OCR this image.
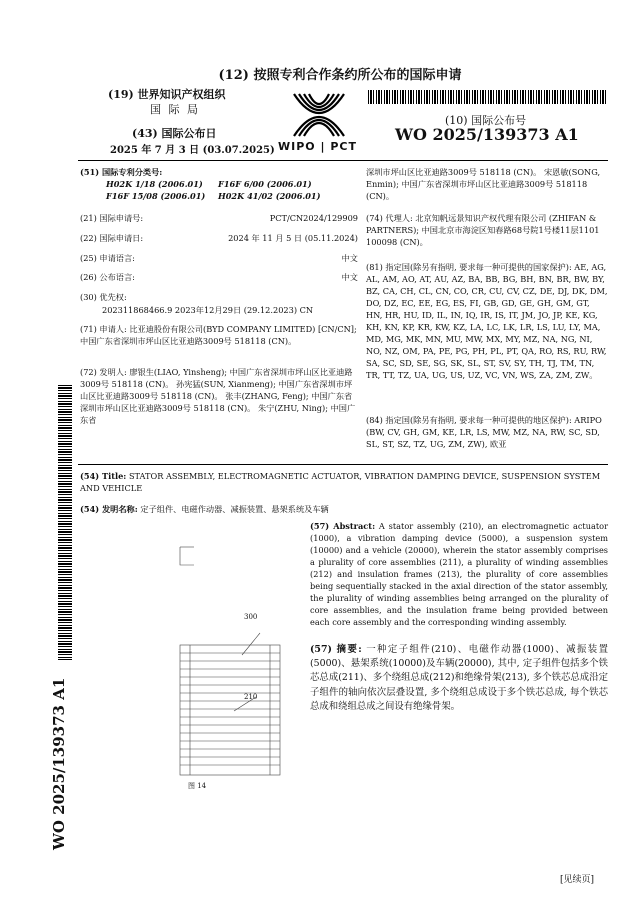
(12) 按照专利合作条约所公布的国际申请
(19) 世界知识产权组织
国 际 局
(43) 国际公布日
2025 年 7 月 3 日 (03.07.2025) WIPO | PCT
(10) 国际公布号
WO 2025/139373 A1
WO 2025/139373 A1
(51) 国际专利分类号:
H02K 1/18 (2006.01) F16F 6/00 (2006.01)
F16F 15/08 (2006.01) H02K 41/02 (2006.01)
(21) 国际申请号:	PCT/CN2024/129909
(22) 国际申请日:	2024 年 11 月 5 日 (05.11.2024)
(25) 申请语言:	中文
(26) 公布语言:	中文
(30) 优先权:
202311868466.9 2023年12月29日 (29.12.2023) CN
(71) 申请人: 比亚迪股份有限公司(BYD COMPANY LIMITED) [CN/CN]; 中国广东省深圳市坪山区比亚迪路3009号 518118 (CN)。
(72) 发明人: 廖银生(LIAO, Yinsheng); 中国广东省深圳市坪山区比亚迪路3009号 518118 (CN)。 孙宪猛(SUN, Xianmeng); 中国广东省深圳市坪山区比亚迪路3009号 518118 (CN)。 张丰(ZHANG, Feng); 中国广东省深圳市坪山区比亚迪路3009号 518118 (CN)。 朱宁(ZHU, Ning); 中国广东省
深圳市坪山区比亚迪路3009号 518118 (CN)。 宋恩敏(SONG, Enmin); 中国广东省深圳市坪山区比亚迪路3009号 518118 (CN)。
(74) 代理人: 北京知帆远景知识产权代理有限公司 (ZHIFAN & PARTNERS); 中国北京市海淀区知春路68号院1号楼11层1101 100098 (CN)。
(81) 指定国(除另有指明, 要求每一种可提供的国家保护): AE, AG, AL, AM, AO, AT, AU, AZ, BA, BB, BG, BH, BN, BR, BW, BY, BZ, CA, CH, CL, CN, CO, CR, CU, CV, CZ, DE, DJ, DK, DM, DO, DZ, EC, EE, EG, ES, FI, GB, GD, GE, GH, GM, GT, HN, HR, HU, ID, IL, IN, IQ, IR, IS, IT, JM, JO, JP, KE, KG, KH, KN, KP, KR, KW, KZ, LA, LC, LK, LR, LS, LU, LY, MA, MD, MG, MK, MN, MU, MW, MX, MY, MZ, NA, NG, NI, NO, NZ, OM, PA, PE, PG, PH, PL, PT, QA, RO, RS, RU, RW, SA, SC, SD, SE, SG, SK, SL, ST, SV, SY, TH, TJ, TM, TN, TR, TT, TZ, UA, UG, US, UZ, VC, VN, WS, ZA, ZM, ZW。
(84) 指定国(除另有指明, 要求每一种可提供的地区保护): ARIPO (BW, CV, GH, GM, KE, LR, LS, MW, MZ, NA, RW, SC, SD, SL, ST, SZ, TZ, UG, ZM, ZW), 欧亚
(54) Title: STATOR ASSEMBLY, ELECTROMAGNETIC ACTUATOR, VIBRATION DAMPING DEVICE, SUSPENSION SYSTEM AND VEHICLE
(54) 发明名称: 定子组件、电磁作动器、减振装置、悬架系统及车辆
300
210
图 14
(57) Abstract: A stator assembly (210), an electromagnetic actuator (1000), a vibration damping device (5000), a suspension system (10000) and a vehicle (20000), wherein the stator assembly comprises a plurality of core assemblies (211), a plurality of winding assemblies (212) and insulation frames (213), the plurality of core assemblies being sequentially stacked in the axial direction of the stator assembly, the plurality of winding assemblies being arranged on the plurality of core assemblies, and the insulation frame being provided between each core assembly and the corresponding winding assembly.
(57) 摘要: 一种定子组件(210)、电磁作动器(1000)、减振装置(5000)、悬架系统(10000)及车辆(20000), 其中, 定子组件包括多个铁芯总成(211)、多个绕组总成(212)和绝缘骨架(213), 多个铁芯总成沿定子组件的轴向依次层叠设置, 多个绕组总成设于多个铁芯总成, 每个铁芯总成和绕组总成之间设有绝缘骨架。
[见续页]
